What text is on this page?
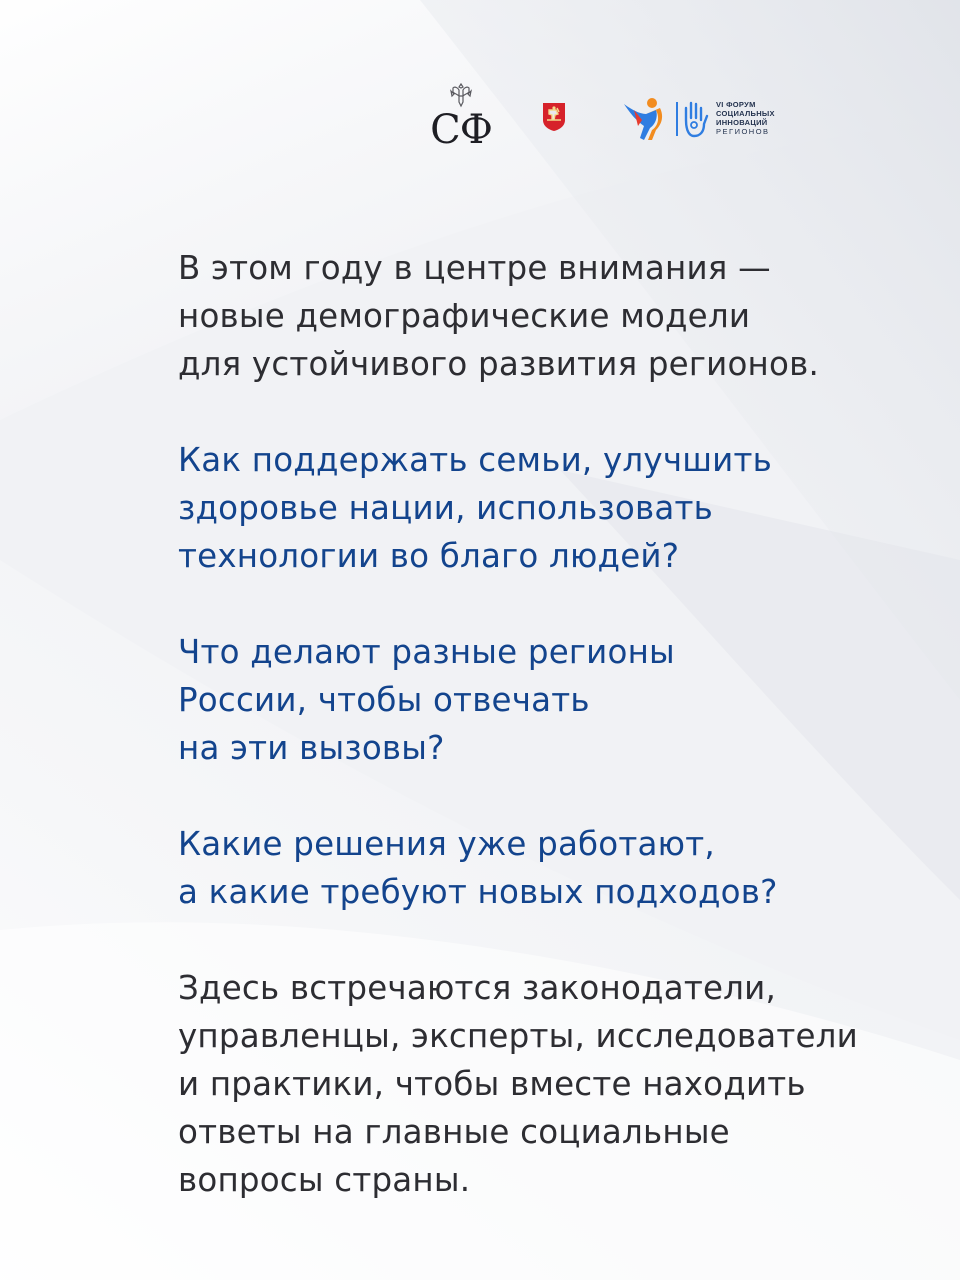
СФ
VI ФОРУМ
СОЦИАЛЬНЫХ
ИННОВАЦИЙ
РЕГИОНОВ

В этом году в центре внимания —
новые демографические модели
для устойчивого развития регионов.

Как поддержать семьи, улучшить
здоровье нации, использовать
технологии во благо людей?

Что делают разные регионы
России, чтобы отвечать
на эти вызовы?

Какие решения уже работают,
а какие требуют новых подходов?

Здесь встречаются законодатели,
управленцы, эксперты, исследователи
и практики, чтобы вместе находить
ответы на главные социальные
вопросы страны.
